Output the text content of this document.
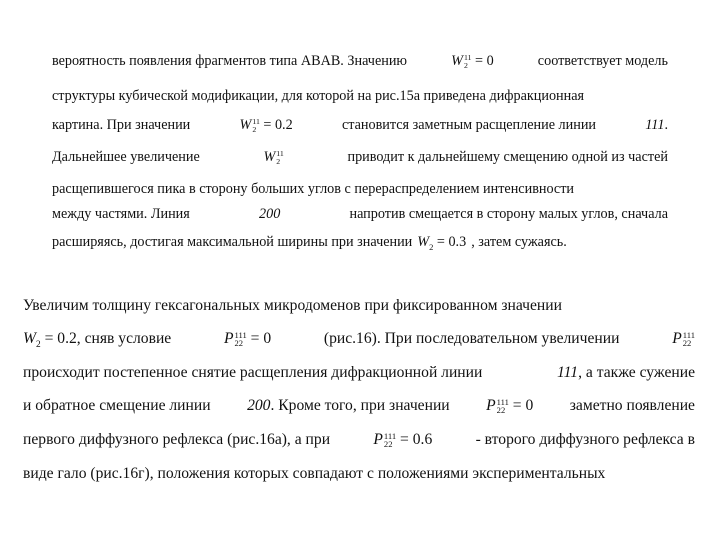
вероятность появления фрагментов типа ABAB. Значению	W 11
2 = 0	соответствует модель
структуры кубической модификации, для которой на рис.15а приведена дифракционная
картина. При значении	W 11
2 = 0.2	становится заметным расщепление линии	111.
Дальнейшее увеличение	W 11
2	приводит к дальнейшему смещению одной из частей
расщепившегося пика в сторону больших углов с перераспределением интенсивности
между частями. Линия	200	напротив смещается в сторону малых углов, сначала
расширяясь, достигая максимальной ширины при значении $W_2 = 0.3$ , затем сужаясь.
Увеличим толщину гексагональных микродоменов при фиксированном значении
$W_2 = 0.2$, сняв условие	P 111
22 = 0	(рис.16). При последовательном увеличении	P 111
22
происходит постепенное снятие расщепления дифракционной линии	111, а также сужение
и обратное смещение линии 200. Кроме того, при значении P 111
22 = 0 заметно появление
первого диффузного рефлекса (рис.16а), а при	P 111
22 = 0.6	- второго диффузного рефлекса в
виде гало (рис.16г), положения которых совпадают с положениями экспериментальных
